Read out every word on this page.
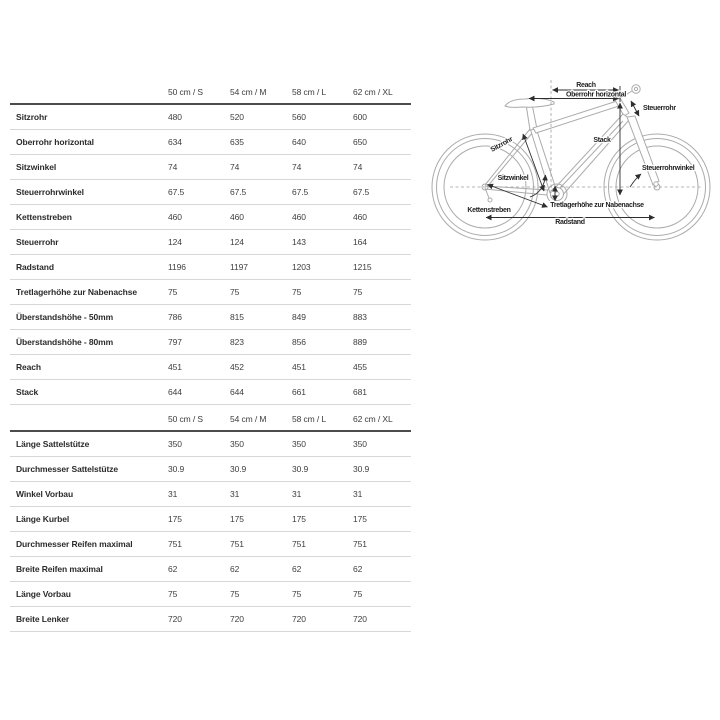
	50 cm / S	54 cm / M	58 cm / L	62 cm / XL
Sitzrohr	480	520	560	600
Oberrohr horizontal	634	635	640	650
Sitzwinkel	74	74	74	74
Steuerrohrwinkel	67.5	67.5	67.5	67.5
Kettenstreben	460	460	460	460
Steuerrohr	124	124	143	164
Radstand	1196	1197	1203	1215
Tretlagerhöhe zur Nabenachse	75	75	75	75
Überstandshöhe - 50mm	786	815	849	883
Überstandshöhe - 80mm	797	823	856	889
Reach	451	452	451	455
Stack	644	644	661	681
	50 cm / S	54 cm / M	58 cm / L	62 cm / XL
Länge Sattelstütze	350	350	350	350
Durchmesser Sattelstütze	30.9	30.9	30.9	30.9
Winkel Vorbau	31	31	31	31
Länge Kurbel	175	175	175	175
Durchmesser Reifen maximal	751	751	751	751
Breite Reifen maximal	62	62	62	62
Länge Vorbau	75	75	75	75
Breite Lenker	720	720	720	720
Reach
Oberrohr horizontal
Steuerrohr
Stack
Sitzrohr
Sitzwinkel
Steuerrohrwinkel
Tretlagerhöhe zur Nabenachse
Kettenstreben
Radstand
